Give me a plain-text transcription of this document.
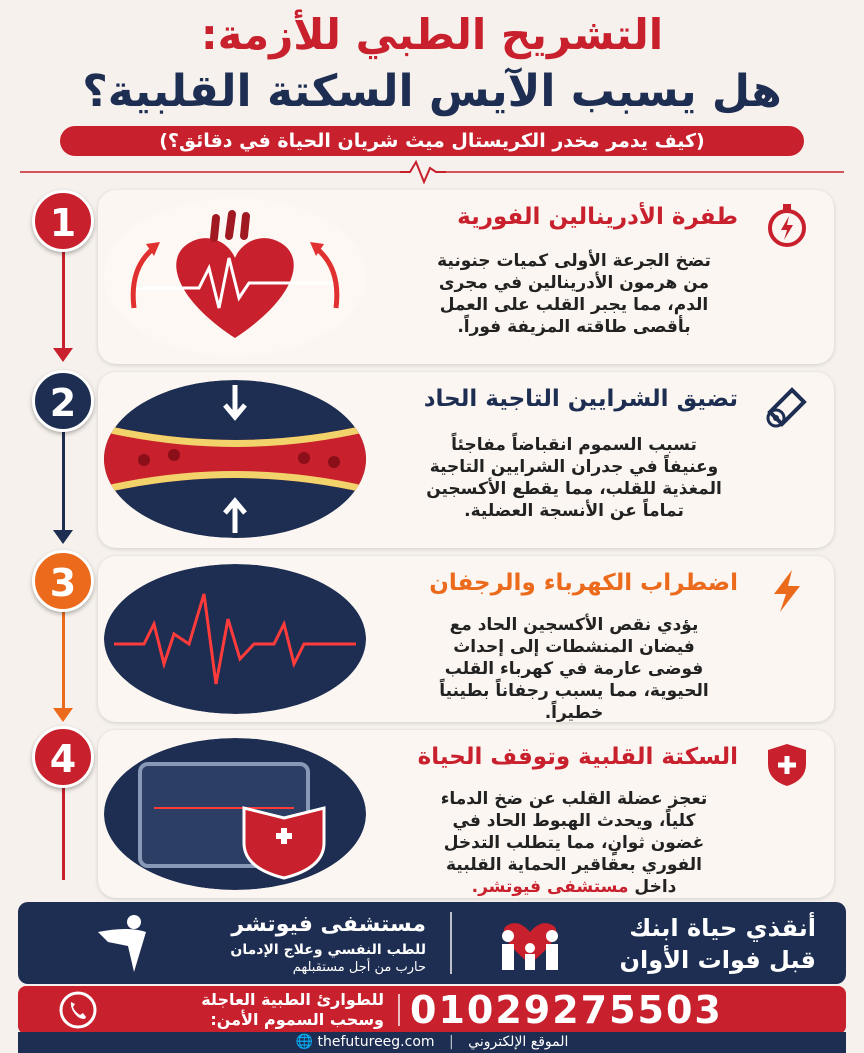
التشريح الطبي للأزمة:
هل يسبب الآيس السكتة القلبية؟
(كيف يدمر مخدر الكريستال ميث شريان الحياة في دقائق؟)
1
2
3
4
طفرة الأدرينالين الفورية
تضخ الجرعة الأولى كميات جنونية من هرمون الأدرينالين في مجرى الدم، مما يجبر القلب على العمل بأقصى طاقته المزيفة فوراً.
تضيق الشرايين التاجية الحاد
تسبب السموم انقباضاً مفاجئاً وعنيفاً في جدران الشرايين التاجية المغذية للقلب، مما يقطع الأكسجين تماماً عن الأنسجة العضلية.
اضطراب الكهرباء والرجفان
يؤدي نقص الأكسجين الحاد مع فيضان المنشطات إلى إحداث فوضى عارمة في كهرباء القلب الحيوية، مما يسبب رجفاناً بطينياً خطيراً.
السكتة القلبية وتوقف الحياة
تعجز عضلة القلب عن ضخ الدماء كلياً، ويحدث الهبوط الحاد في غضون ثوانٍ، مما يتطلب التدخل الفوري بعقاقير الحماية القلبية داخل مستشفى فيوتشر.
مستشفى فيوتشر
للطب النفسي وعلاج الإدمان
حارب من أجل مستقبلهم
أنقذي حياة ابنك
قبل فوات الأوان
01029275503
للطوارئ الطبية العاجلة
وسحب السموم الأمن:
🌐 thefutureeg.com | الموقع الإلكتروني
